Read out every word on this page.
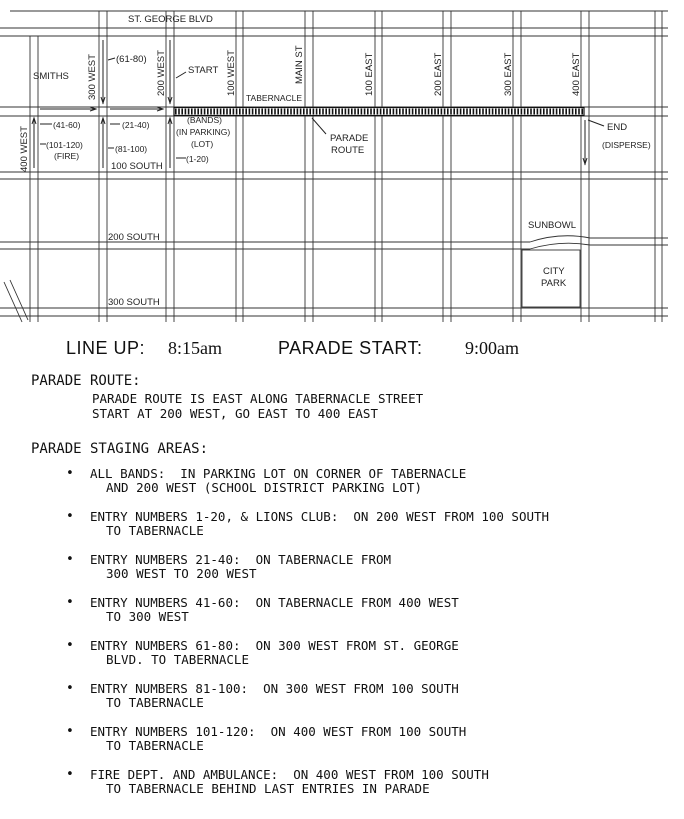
ST. GEORGE BLVD
300 WEST	200 WEST	100 WEST	MAIN ST	100 EAST	200 EAST	300 EAST	400 EAST
400 WEST
TABERNACLE
100 SOUTH
200 SOUTH
300 SOUTH
SMITHS
SUNBOWL
CITY
PARK
(61-80)
START
(41-60)	(21-40)	(BANDS)
(IN PARKING)
(LOT)
(101-120)
(FIRE)
(81-100)
(1-20)
PARADE
ROUTE
END
(DISPERSE)
LINE UP: 8:15am	PARADE START: 9:00am
PARADE ROUTE:
PARADE ROUTE IS EAST ALONG TABERNACLE STREET
START AT 200 WEST, GO EAST TO 400 EAST
PARADE STAGING AREAS:
• ALL BANDS:  IN PARKING LOT ON CORNER OF TABERNACLE
AND 200 WEST (SCHOOL DISTRICT PARKING LOT)
• ENTRY NUMBERS 1-20, & LIONS CLUB:  ON 200 WEST FROM 100 SOUTH
TO TABERNACLE
• ENTRY NUMBERS 21-40:  ON TABERNACLE FROM
300 WEST TO 200 WEST
• ENTRY NUMBERS 41-60:  ON TABERNACLE FROM 400 WEST
TO 300 WEST
• ENTRY NUMBERS 61-80:  ON 300 WEST FROM ST. GEORGE
BLVD. TO TABERNACLE
• ENTRY NUMBERS 81-100:  ON 300 WEST FROM 100 SOUTH
TO TABERNACLE
• ENTRY NUMBERS 101-120:  ON 400 WEST FROM 100 SOUTH
TO TABERNACLE
• FIRE DEPT. AND AMBULANCE:  ON 400 WEST FROM 100 SOUTH
TO TABERNACLE BEHIND LAST ENTRIES IN PARADE
